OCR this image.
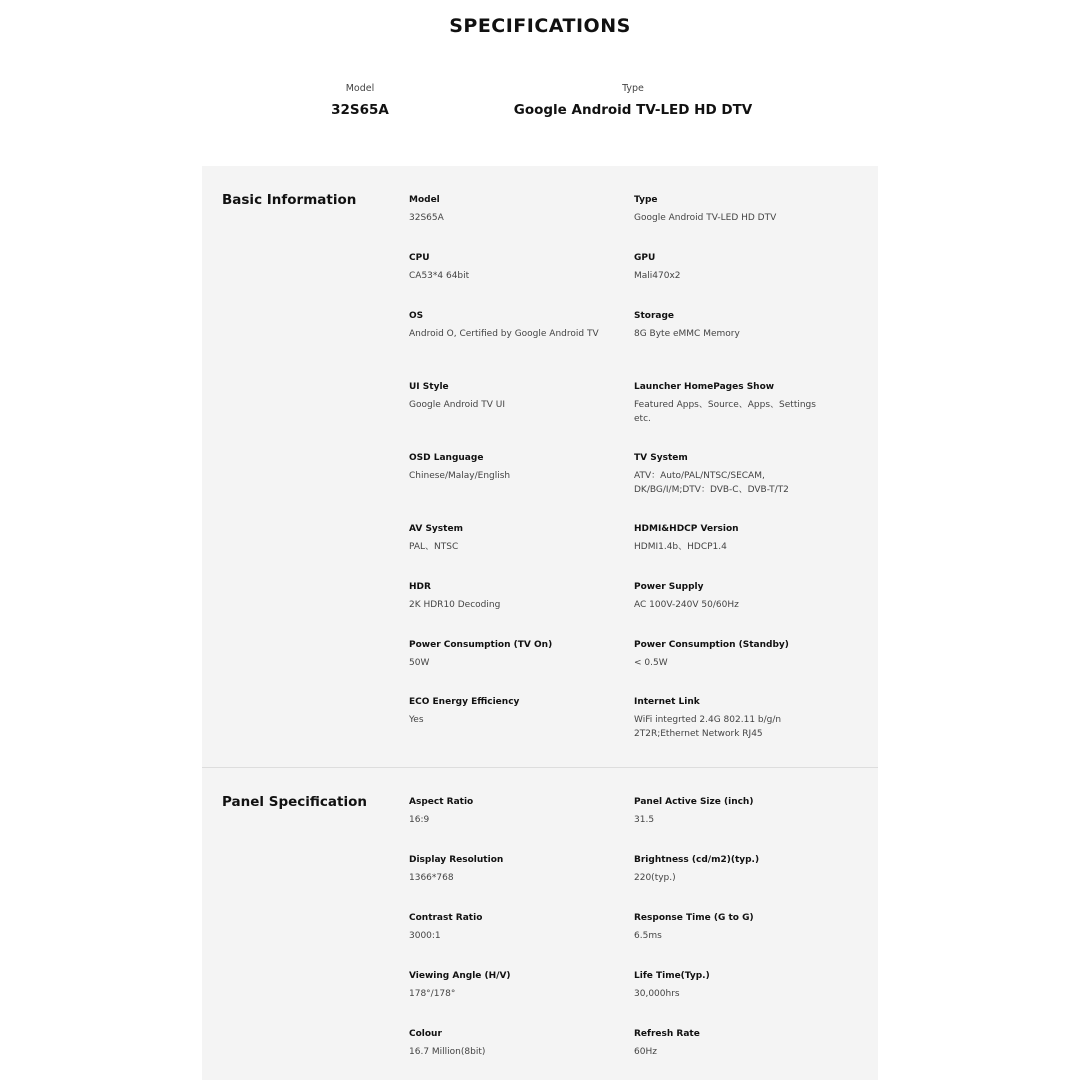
SPECIFICATIONS
Model
32S65A
Type
Google Android TV-LED HD DTV
Basic Information	Model
32S65A
Type
Google Android TV-LED HD DTV
CPU
CA53*4 64bit
GPU
Mali470x2
OS
Android O, Certified by Google Android TV
Storage
8G Byte eMMC Memory
UI Style
Google Android TV UI
Launcher HomePages Show
Featured Apps、Source、Apps、Settings etc.
OSD Language
Chinese/Malay/English
TV System
ATV：Auto/PAL/NTSC/SECAM, DK/BG/I/M;DTV：DVB-C、DVB-T/T2
AV System
PAL、NTSC
HDMI&HDCP Version
HDMI1.4b、HDCP1.4
HDR
2K HDR10 Decoding
Power Supply
AC 100V-240V 50/60Hz
Power Consumption (TV On)
50W
Power Consumption (Standby)
< 0.5W
ECO Energy Efficiency
Yes
Internet Link
WiFi integrted 2.4G 802.11 b/g/n 2T2R;Ethernet Network RJ45
Panel Specification	Aspect Ratio
16:9
Panel Active Size (inch)
31.5
Display Resolution
1366*768
Brightness (cd/m2)(typ.)
220(typ.)
Contrast Ratio
3000:1
Response Time (G to G)
6.5ms
Viewing Angle (H/V)
178°/178°
Life Time(Typ.)
30,000hrs
Colour
16.7 Million(8bit)
Refresh Rate
60Hz
